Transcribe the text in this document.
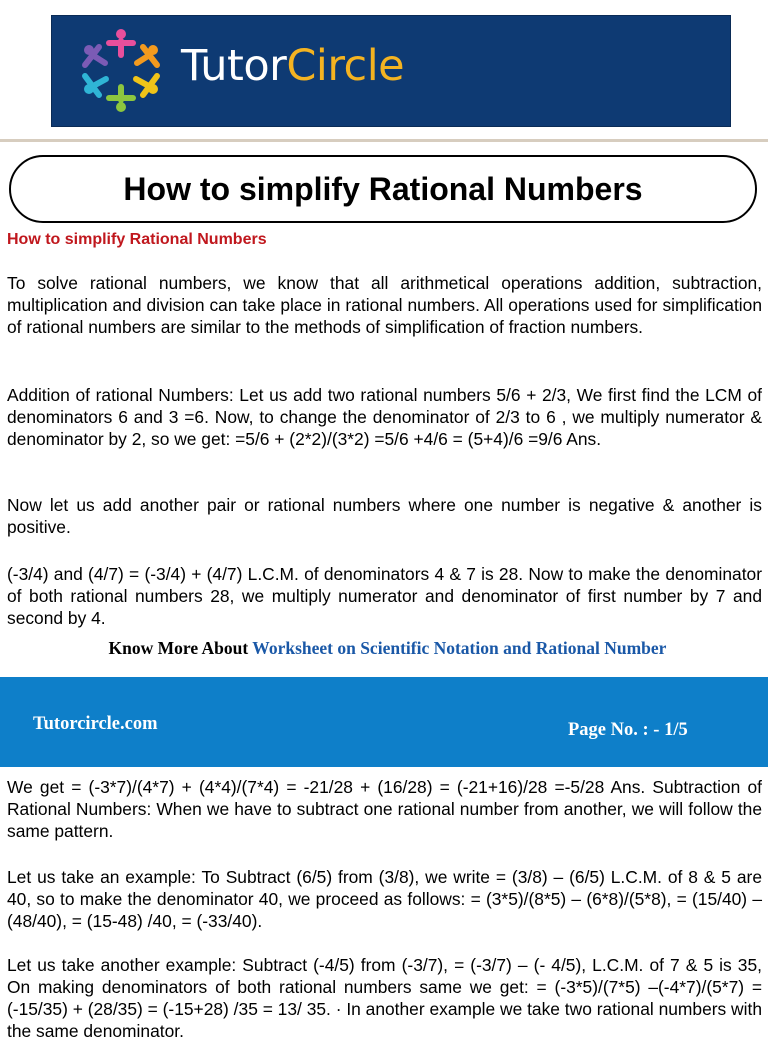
TutorCircle
How to simplify Rational Numbers
How to simplify Rational Numbers

To solve rational numbers, we know that all arithmetical operations addition, subtraction, multiplication and division can take place in rational numbers. All operations used for simplification of rational numbers are similar to the methods of simplification of fraction numbers.

Addition of rational Numbers: Let us add two rational numbers 5/6 + 2/3, We first find the LCM of denominators 6 and 3 =6. Now, to change the denominator of 2/3 to 6 , we multiply numerator & denominator by 2, so we get: =5/6 + (2*2)/(3*2) =5/6 +4/6 = (5+4)/6 =9/6 Ans.

Now let us add another pair or rational numbers where one number is negative & another is positive.

(-3/4) and (4/7) = (-3/4) + (4/7) L.C.M. of denominators 4 & 7 is 28. Now to make the denominator of both rational numbers 28, we multiply numerator and denominator of first number by 7 and second by 4.

Know More About Worksheet on Scientific Notation and Rational Number
Tutorcircle.com	Page No. : - 1/5

We get = (-3*7)/(4*7) + (4*4)/(7*4) = -21/28 + (16/28) = (-21+16)/28 =-5/28 Ans. Subtraction of Rational Numbers: When we have to subtract one rational number from another, we will follow the same pattern.

Let us take an example: To Subtract (6/5) from (3/8), we write = (3/8) – (6/5) L.C.M. of 8 & 5 are 40, so to make the denominator 40, we proceed as follows: = (3*5)/(8*5) – (6*8)/(5*8), = (15/40) – (48/40), = (15-48) /40, = (-33/40).

Let us take another example: Subtract (-4/5) from (-3/7), = (-3/7) – (- 4/5), L.C.M. of 7 & 5 is 35, On making denominators of both rational numbers same we get: = (-3*5)/(7*5) –(-4*7)/(5*7) = (-15/35) + (28/35) = (-15+28) /35 = 13/ 35. · In another example we take two rational numbers with the same denominator.
